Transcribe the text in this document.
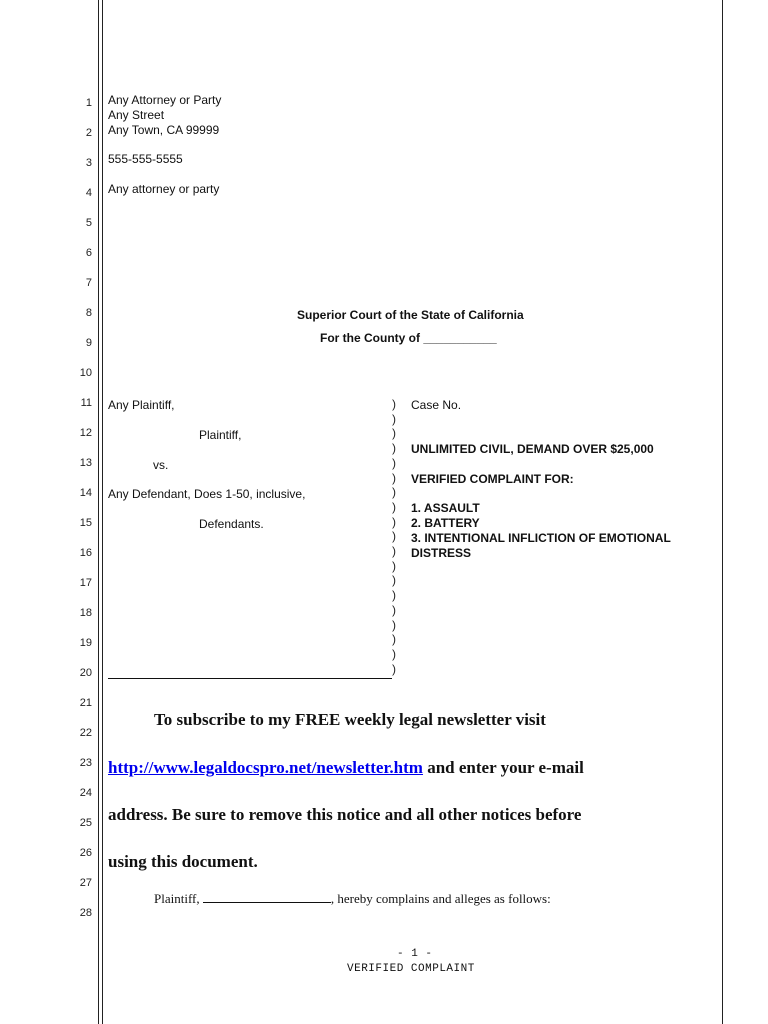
1
2
3
4
5
6
7
8
9
10
11
12
13
14
15
16
17
18
19
20
21
22
23
24
25
26
27
28
Any Attorney or Party
Any Street
Any Town, CA 99999
555-555-5555
Any attorney or party
Superior Court of the State of California
For the County of ___________
Any Plaintiff,
Plaintiff,
vs.
Any Defendant, Does 1-50, inclusive,
Defendants.
)
)
)
)
)
)
)
)
)
)
)
)
)
)
)
)
)
)
)
Case No.
UNLIMITED CIVIL, DEMAND OVER $25,000
VERIFIED COMPLAINT FOR:
1. ASSAULT
2. BATTERY
3. INTENTIONAL INFLICTION OF EMOTIONAL
DISTRESS
To subscribe to my FREE weekly legal newsletter visit
http://www.legaldocspro.net/newsletter.htm and enter your e-mail
address. Be sure to remove this notice and all other notices before
using this document.
Plaintiff,	, hereby complains and alleges as follows:
- 1 -
VERIFIED COMPLAINT
